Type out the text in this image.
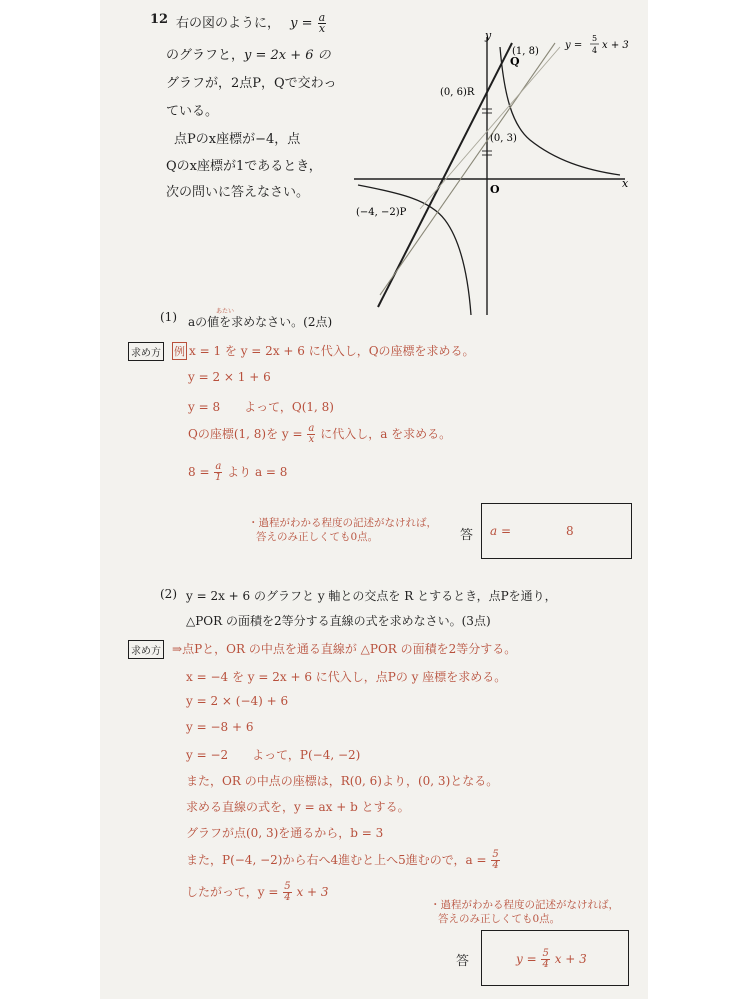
12 右の図のように， $y = \frac{a}{x}$
のグラフと，y = 2x + 6 の
グラフが，2点P，Qで交わっ
ている。
点Pのx座標が−4，点
Qのx座標が1であるとき，
次の問いに答えなさい。
y
x
O
Q
(1, 8)
(0, 6)R
(0, 3)
(−4, −2)P
y =
5
4 x + 3
(1)	あたい
aの値を求めなさい。(2点)
求め方 例 x = 1 を y = 2x + 6 に代入し，Qの座標を求める。
y = 2 × 1 + 6
y = 8　　よって，Q(1, 8)
Qの座標(1, 8)を $y = \frac{a}{x}$ に代入し，a を求める。
$8 = \frac{a}{1}$ より a = 8
・過程がわかる程度の記述がなければ，
答えのみ正しくても0点。	答 a =	8
(2) y = 2x + 6 のグラフと y 軸との交点を R とするとき，点Pを通り，
△POR の面積を2等分する直線の式を求めなさい。(3点)
求め方 ⇒点Pと，OR の中点を通る直線が △POR の面積を2等分する。
x = −4 を y = 2x + 6 に代入し，点Pの y 座標を求める。
y = 2 × (−4) + 6
y = −8 + 6
y = −2　　よって，P(−4, −2)
また，OR の中点の座標は，R(0, 6)より，(0, 3)となる。
求める直線の式を，y = ax + b とする。
グラフが点(0, 3)を通るから，b = 3
また，P(−4, −2)から右へ4進むと上へ5進むので，$a = \frac{5}{4}$
したがって，$y = \frac{5}{4}$ x + 3
・過程がわかる程度の記述がなければ，
答えのみ正しくても0点。
答	$y = \frac{5}{4}$ x + 3
